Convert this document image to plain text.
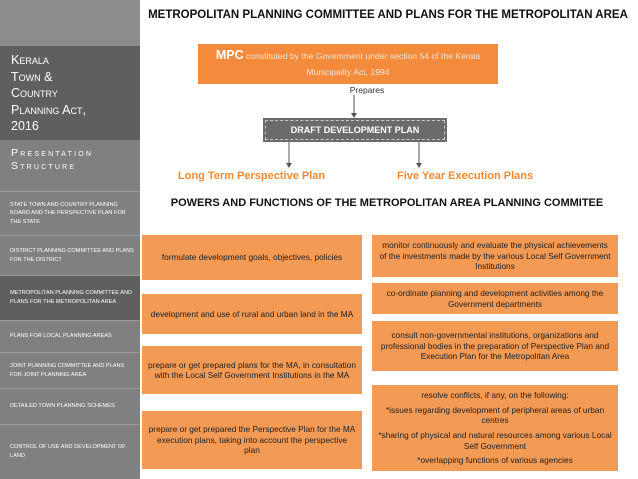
Kerala
Town &
Country
Planning Act,
2016
Presentation Structure
STATE TOWN AND COUNTRY PLANNING BOARD AND THE PERSPECTIVE PLAN FOR THE STATE
DISTRICT PLANNING COMMITTEE AND PLANS FOR THE DISTRICT
METROPOLITAN PLANNING COMMITTEE AND PLANS FOR THE METROPOLITAN AREA
PLANS FOR LOCAL PLANNING AREAS
JOINT PLANNING COMMITTEE AND PLANS FOR JOINT PLANNING AREA
DETAILED TOWN PLANNING SCHEMES
CONTROL OF USE AND DEVELOPMENT OF LAND
METROPOLITAN PLANNING COMMITTEE AND PLANS FOR THE METROPOLITAN AREA
MPC constituted by the Government under section 54 of the Kerala Municipality Act, 1994
Prepares
DRAFT DEVELOPMENT PLAN
Long Term Perspective Plan	Five Year Execution Plans
POWERS AND FUNCTIONS OF THE METROPOLITAN AREA PLANNING COMMITEE
formulate development goals, objectives, policies
development and use of rural and urban land in the MA
prepare or get prepared plans for the MA, in consultation with the Local Self Government Institutions in the MA
prepare or get prepared the Perspective Plan for the MA
execution plans, taking into account the perspective plan
monitor continuously and evaluate the physical achievements of the investments made by the various Local Self Government Institutions
co-ordinate planning and development activities among the Government departments
consult non-governmental institutions, organizations and professional bodies in the preparation of Perspective Plan and Execution Plan for the Metropolitan Area
resolve conflicts, if any, on the following:
*issues regarding development of peripheral areas of urban centres
*sharing of physical and natural resources among various Local Self Government
*overlapping functions of various agencies
